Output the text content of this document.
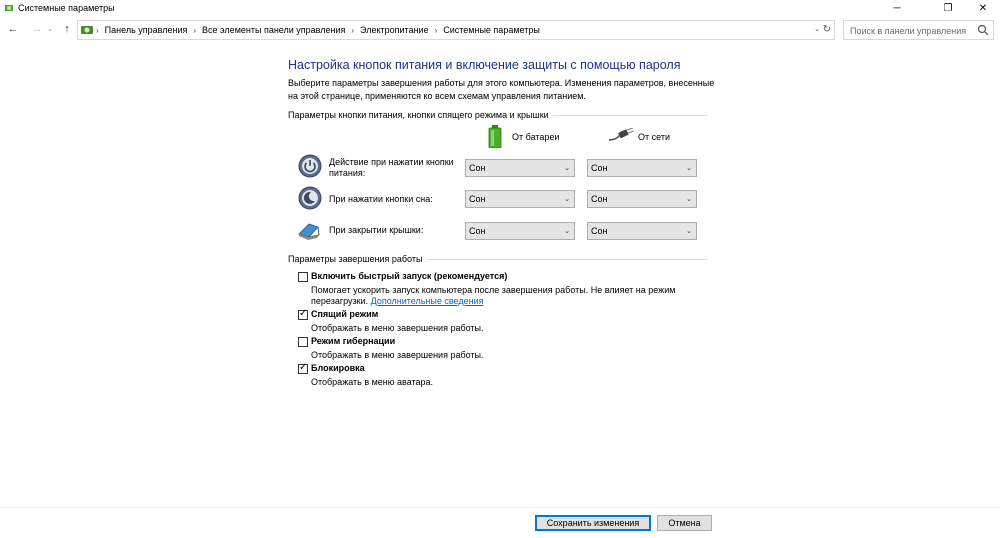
Системные параметры	─	❐	✕
← → ⌄	↑	› Панель управления › Все элементы панели управления › Электропитание › Системные параметры	⌄ ↻ Поиск в панели управления
Настройка кнопок питания и включение защиты с помощью пароля
Выберите параметры завершения работы для этого компьютера. Изменения параметров, внесенные на этой странице, применяются ко всем схемам управления питанием.
Параметры кнопки питания, кнопки спящего режима и крышки
От батареи	От сети
Действие при нажатии кнопки
питания:	Сон	⌄ Сон	⌄
При нажатии кнопки сна:	Сон	⌄ Сон	⌄
При закрытии крышки:	Сон	⌄ Сон	⌄
Параметры завершения работы
Включить быстрый запуск (рекомендуется)
Помогает ускорить запуск компьютера после завершения работы. Не влияет на режим
перезагрузки. Дополнительные сведения
✓ Спящий режим
Отображать в меню завершения работы.
Режим гибернации
Отображать в меню завершения работы.
✓ Блокировка
Отображать в меню аватара.
Сохранить изменения	Отмена
